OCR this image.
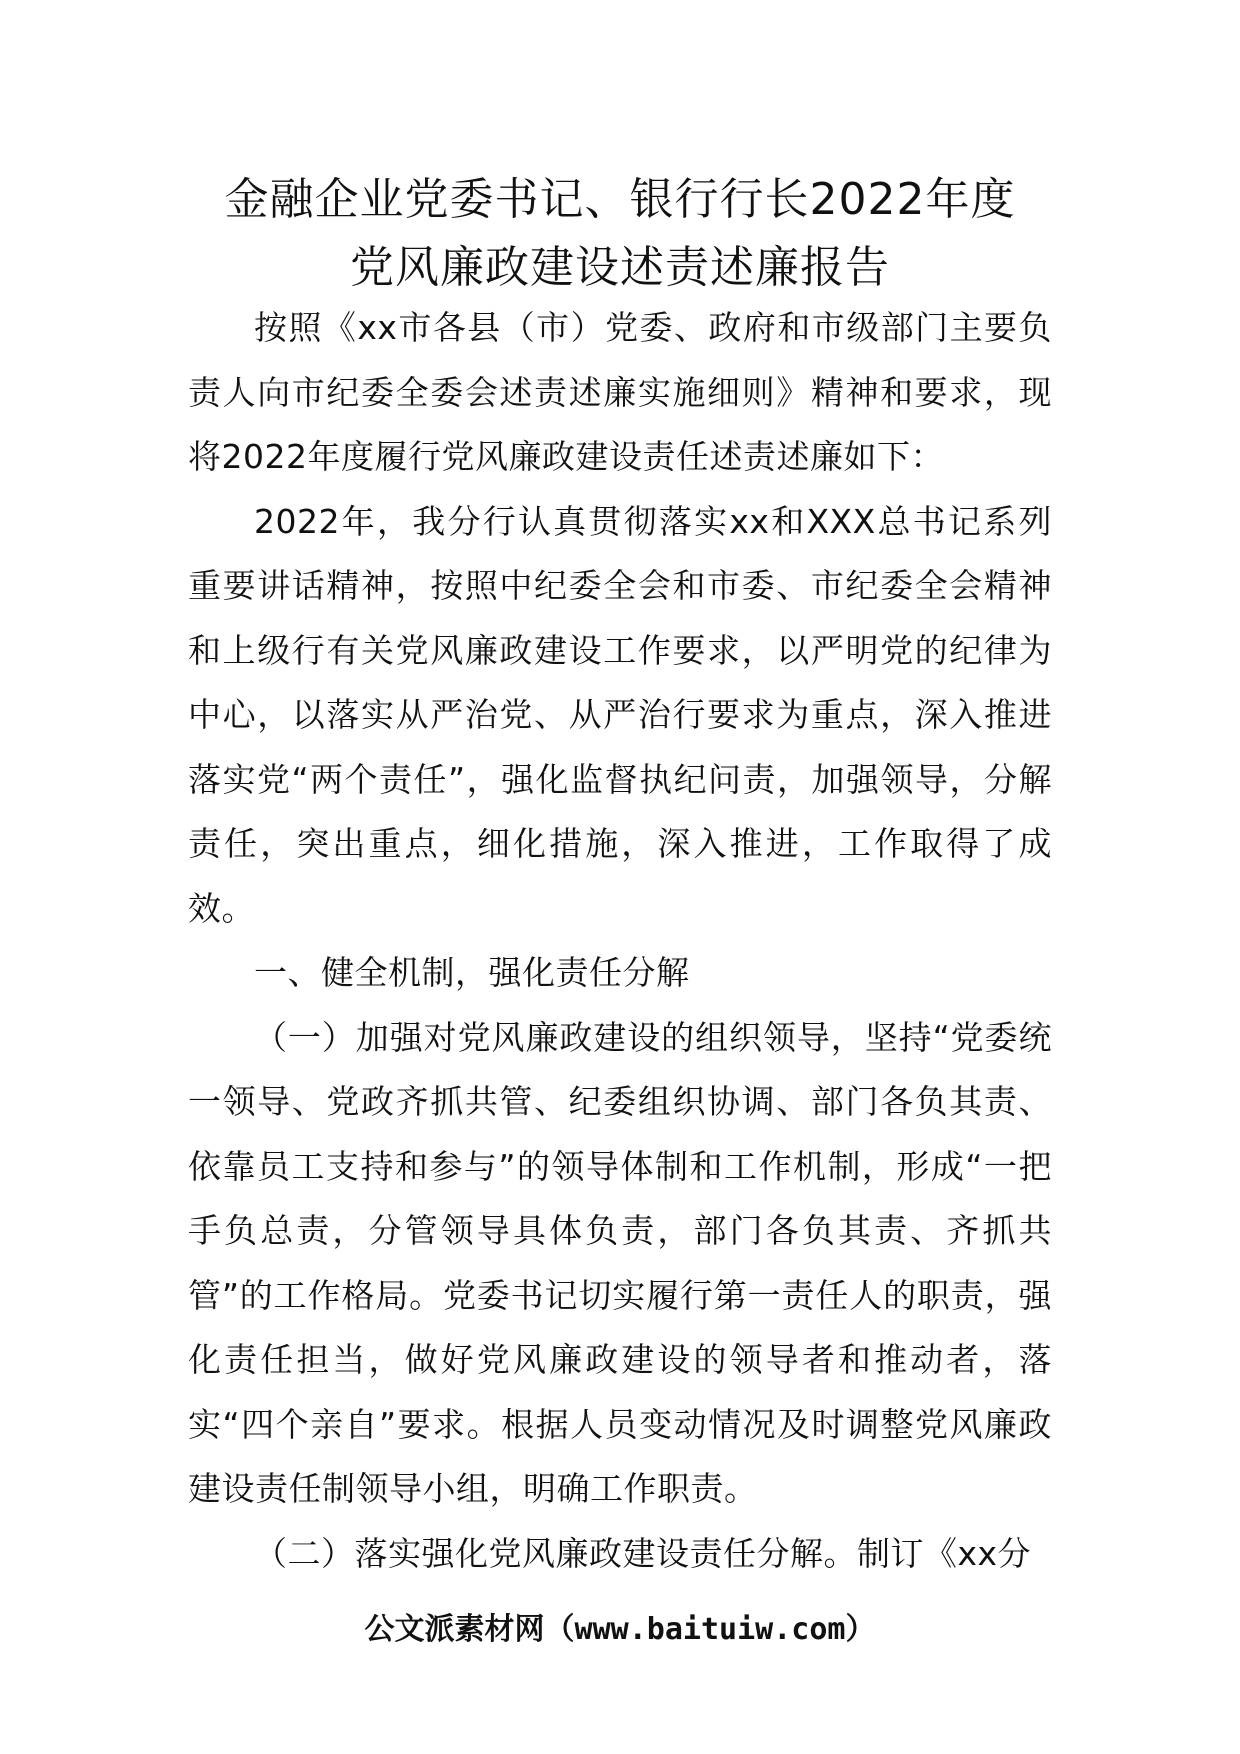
金融企业党委书记、银行行长2022年度
党风廉政建设述责述廉报告

按照《xx市各县（市）党委、政府和市级部门主要负责人向市纪委全委会述责述廉实施细则》精神和要求，现将2022年度履行党风廉政建设责任述责述廉如下：

2022年，我分行认真贯彻落实xx和XXX总书记系列重要讲话精神，按照中纪委全会和市委、市纪委全会精神和上级行有关党风廉政建设工作要求，以严明党的纪律为中心，以落实从严治党、从严治行要求为重点，深入推进落实党“两个责任”，强化监督执纪问责，加强领导，分解责任，突出重点，细化措施，深入推进，工作取得了成效。

一、健全机制，强化责任分解

（一）加强对党风廉政建设的组织领导，坚持“党委统一领导、党政齐抓共管、纪委组织协调、部门各负其责、依靠员工支持和参与”的领导体制和工作机制，形成“一把手负总责，分管领导具体负责，部门各负其责、齐抓共管”的工作格局。党委书记切实履行第一责任人的职责，强化责任担当，做好党风廉政建设的领导者和推动者，落实“四个亲自”要求。根据人员变动情况及时调整党风廉政建设责任制领导小组，明确工作职责。

（二）落实强化党风廉政建设责任分解。制订《xx分

公文派素材网（www.baituiw.com）
